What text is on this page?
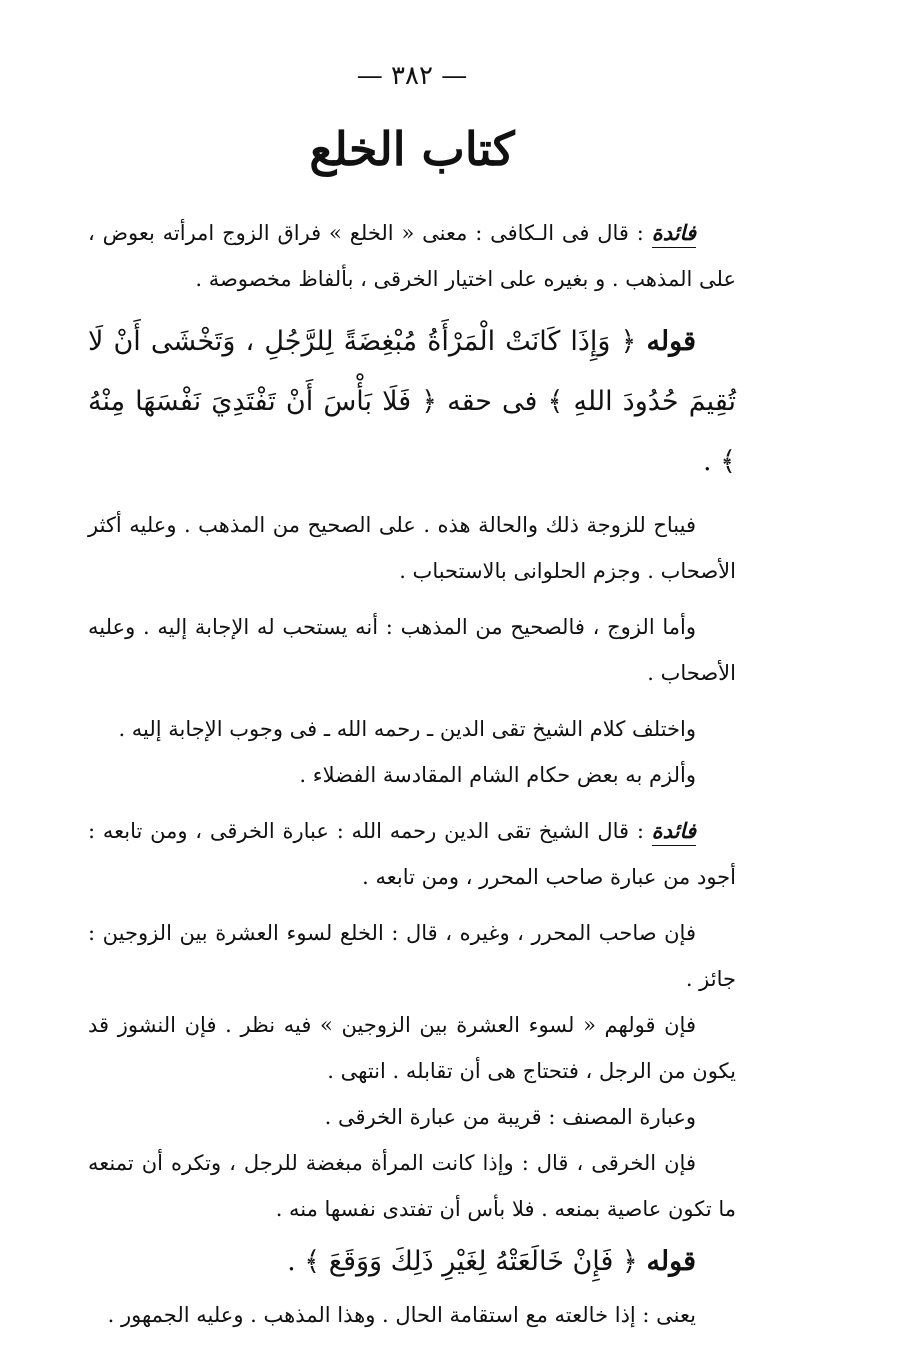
— ٣٨٢ —
كتاب الخلع

فائدة : قال فى الـكافى : معنى « الخلع » فراق الزوج امرأته بعوض ، على المذهب . و بغيره على اختيار الخرقى ، بألفاظ مخصوصة .

قوله ﴿ وَإِذَا كَانَتْ الْمَرْأَةُ مُبْغِضَةً لِلرَّجُلِ ، وَتَخْشَى أَنْ لَا تُقِيمَ حُدُودَ اللهِ ﴾ فى حقه ﴿ فَلَا بَأْسَ أَنْ تَفْتَدِيَ نَفْسَهَا مِنْهُ ﴾ .

فيباح للزوجة ذلك والحالة هذه . على الصحيح من المذهب . وعليه أكثر الأصحاب . وجزم الحلوانى بالاستحباب .

وأما الزوج ، فالصحيح من المذهب : أنه يستحب له الإجابة إليه . وعليه الأصحاب .

واختلف كلام الشيخ تقى الدين ـ رحمه الله ـ فى وجوب الإجابة إليه .

وألزم به بعض حكام الشام المقادسة الفضلاء .

فائدة : قال الشيخ تقى الدين رحمه الله : عبارة الخرقى ، ومن تابعه : أجود من عبارة صاحب المحرر ، ومن تابعه .

فإن صاحب المحرر ، وغيره ، قال : الخلع لسوء العشرة بين الزوجين : جائز .

فإن قولهم « لسوء العشرة بين الزوجين » فيه نظر . فإن النشوز قد يكون من الرجل ، فتحتاج هى أن تقابله . انتهى .

وعبارة المصنف : قريبة من عبارة الخرقى .

فإن الخرقى ، قال : وإذا كانت المرأة مبغضة للرجل ، وتكره أن تمنعه ما تكون عاصية بمنعه . فلا بأس أن تفتدى نفسها منه .

قوله ﴿ فَإِنْ خَالَعَتْهُ لِغَيْرِ ذَلِكَ وَوَقَعَ ﴾ .

يعنى : إذا خالعته مع استقامة الحال . وهذا المذهب . وعليه الجمهور .
